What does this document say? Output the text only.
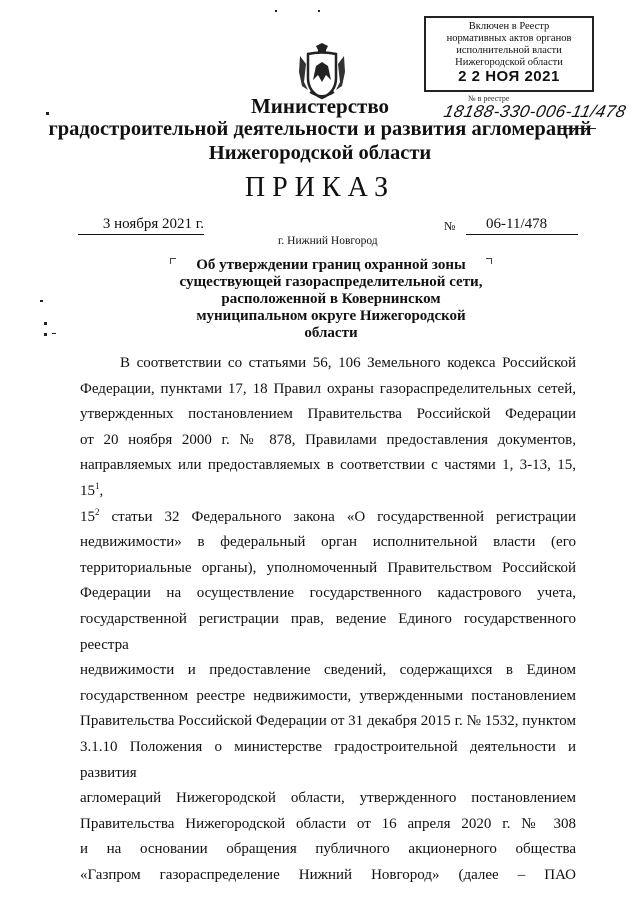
Включен в Реестр
нормативных актов органов
исполнительной власти
Нижегородской области
2 2 НОЯ 2021
№ в реестре
18188-330-006-11/478
Министерство
градостроительной деятельности и развития агломераций
Нижегородской области
ПРИКАЗ
3 ноября 2021 г.	№	06-11/478
г. Нижний Новгород
Об утверждении границ охранной зоны
существующей газораспределительной сети,
расположенной в Ковернинском
муниципальном округе Нижегородской
области
В соответствии со статьями 56, 106 Земельного кодекса Российской
Федерации, пунктами 17, 18 Правил охраны газораспределительных сетей,
утвержденных постановлением Правительства Российской Федерации
от 20 ноября 2000 г. № 878, Правилами предоставления документов,
направляемых или предоставляемых в соответствии с частями 1, 3-13, 15, $15^1$,
$15^2$ статьи 32 Федерального закона «О государственной регистрации
недвижимости» в федеральный орган исполнительной власти (его
территориальные органы), уполномоченный Правительством Российской
Федерации на осуществление государственного кадастрового учета,
государственной регистрации прав, ведение Единого государственного реестра
недвижимости и предоставление сведений, содержащихся в Едином
государственном реестре недвижимости, утвержденными постановлением
Правительства Российской Федерации от 31 декабря 2015 г. № 1532, пунктом
3.1.10 Положения о министерстве градостроительной деятельности и развития
агломераций Нижегородской области, утвержденного постановлением
Правительства Нижегородской области от 16 апреля 2020 г. № 308
и на основании обращения публичного акционерного общества
«Газпром газораспределение Нижний Новгород» (далее – ПАО
